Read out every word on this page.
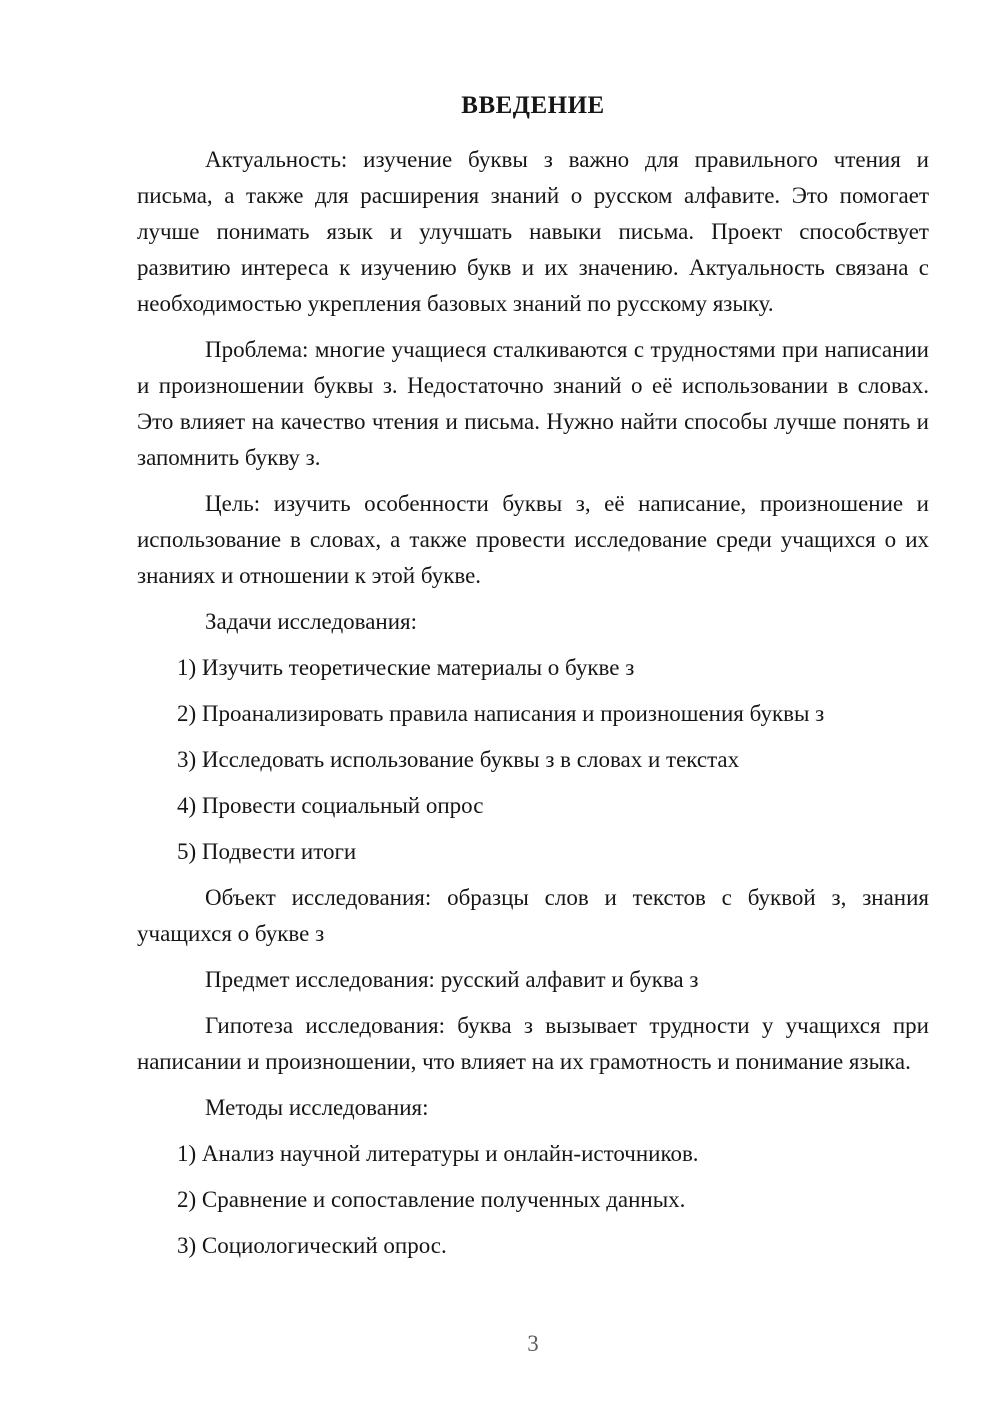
ВВЕДЕНИЕ

Актуальность: изучение буквы з важно для правильного чтения и письма, а также для расширения знаний о русском алфавите. Это помогает лучше понимать язык и улучшать навыки письма. Проект способствует развитию интереса к изучению букв и их значению. Актуальность связана с необходимостью укрепления базовых знаний по русскому языку.

Проблема: многие учащиеся сталкиваются с трудностями при написании и произношении буквы з. Недостаточно знаний о её использовании в словах. Это влияет на качество чтения и письма. Нужно найти способы лучше понять и запомнить букву з.

Цель: изучить особенности буквы з, её написание, произношение и использование в словах, а также провести исследование среди учащихся о их знаниях и отношении к этой букве.

Задачи исследования:

1) Изучить теоретические материалы о букве з

2) Проанализировать правила написания и произношения буквы з

3) Исследовать использование буквы з в словах и текстах

4) Провести социальный опрос

5) Подвести итоги

Объект исследования: образцы слов и текстов с буквой з, знания учащихся о букве з

Предмет исследования: русский алфавит и буква з

Гипотеза исследования: буква з вызывает трудности у учащихся при написании и произношении, что влияет на их грамотность и понимание языка.

Методы исследования:

1) Анализ научной литературы и онлайн-источников.

2) Сравнение и сопоставление полученных данных.

3) Социологический опрос.

3
